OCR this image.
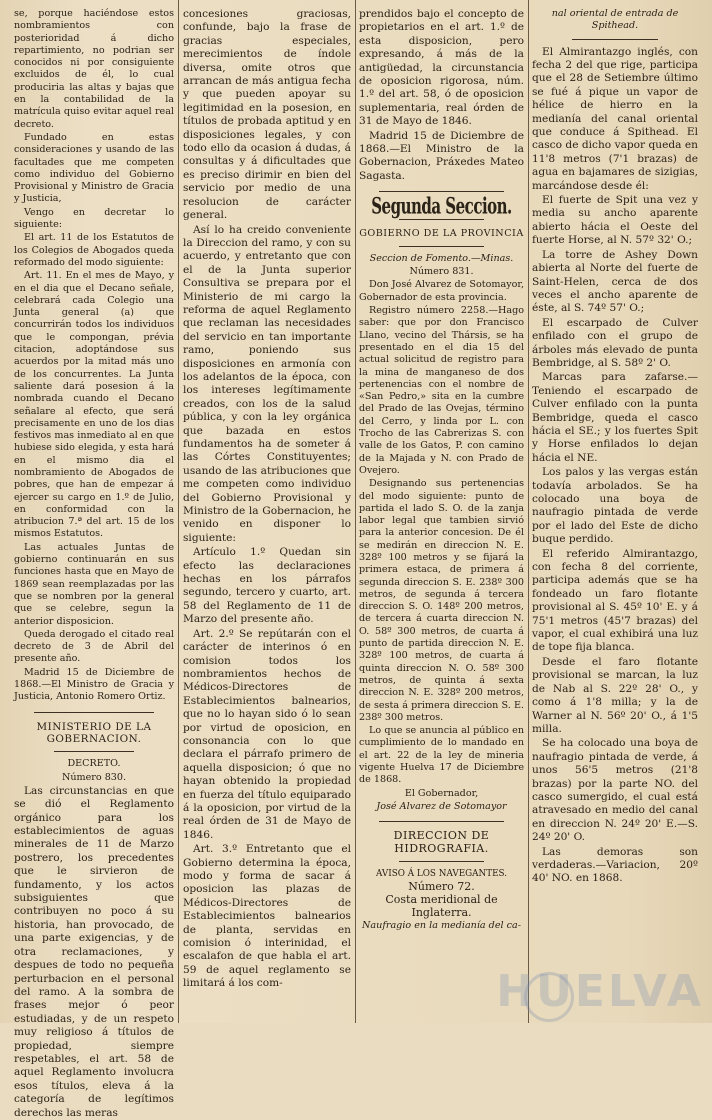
se, porque haciéndose estos nombramientos con posterioridad á dicho repartimiento, no podrian ser conocidos ni por consiguiente excluidos de él, lo cual produciria las altas y bajas que en la contabilidad de la matrícula quiso evitar aquel real decreto.

Fundado en estas consideraciones y usando de las facultades que me competen como individuo del Gobierno Provisional y Ministro de Gracia y Justicia,

Vengo en decretar lo siguiente:

El art. 11 de los Estatutos de los Colegios de Abogados queda reformado del modo siguiente:

Art. 11. En el mes de Mayo, y en el dia que el Decano señale, celebrará cada Colegio una Junta general (a) que concurrirán todos los individuos que le compongan, prévia citacion, adoptándose sus acuerdos por la mitad más uno de los concurrentes. La Junta saliente dará posesion á la nombrada cuando el Decano señalare al efecto, que será precisamente en uno de los dias festivos mas inmediato al en que hubiese sido elegida, y esta hará en el mismo dia el nombramiento de Abogados de pobres, que han de empezar á ejercer su cargo en 1.º de Julio, en conformidad con la atribucion 7.ª del art. 15 de los mismos Estatutos.

Las actuales Juntas de gobierno continuarán en sus funciones hasta que en Mayo de 1869 sean reemplazadas por las que se nombren por la general que se celebre, segun la anterior disposicion.

Queda derogado el citado real decreto de 3 de Abril del presente año.

Madrid 15 de Diciembre de 1868.—El Ministro de Gracia y Justicia, Antonio Romero Ortiz.

MINISTERIO DE LA GOBERNACION.

DECRETO.

Número 830.

Las circunstancias en que se dió el Reglamento orgánico para los establecimientos de aguas minerales de 11 de Marzo postrero, los precedentes que le sirvieron de fundamento, y los actos subsiguientes que contribuyen no poco á su historia, han provocado, de una parte exigencias, y de otra reclamaciones, y despues de todo no pequeña perturbacion en el personal del ramo. A la sombra de frases mejor ó peor estudiadas, y de un respeto muy religioso á títulos de propiedad, siempre respetables, el art. 58 de aquel Reglamento involucra esos títulos, eleva á la categoría de legítimos derechos las meras

concesiones graciosas, confunde, bajo la frase de gracias especiales, merecimientos de índole diversa, omite otros que arrancan de más antigua fecha y que pueden apoyar su legitimidad en la posesion, en títulos de probada aptitud y en disposiciones legales, y con todo ello da ocasion á dudas, á consultas y á dificultades que es preciso dirimir en bien del servicio por medio de una resolucion de carácter general.

Así lo ha creido conveniente la Direccion del ramo, y con su acuerdo, y entretanto que con el de la Junta superior Consultiva se prepara por el Ministerio de mi cargo la reforma de aquel Reglamento que reclaman las necesidades del servicio en tan importante ramo, poniendo sus disposiciones en armonía con los adelantos de la época, con los intereses legítimamente creados, con los de la salud pública, y con la ley orgánica que bazada en estos fundamentos ha de someter á las Córtes Constituyentes; usando de las atribuciones que me competen como individuo del Gobierno Provisional y Ministro de la Gobernacion, he venido en disponer lo siguiente:

Artículo 1.º Quedan sin efecto las declaraciones hechas en los párrafos segundo, tercero y cuarto, art. 58 del Reglamento de 11 de Marzo del presente año.

Art. 2.º Se repútarán con el carácter de interinos ó en comision todos los nombramientos hechos de Médicos-Directores de Establecimientos balnearios, que no lo hayan sido ó lo sean por virtud de oposicion, en consonancia con lo que declara el párrafo primero de aquella disposicion; ó que no hayan obtenido la propiedad en fuerza del título equiparado á la oposicion, por virtud de la real órden de 31 de Mayo de 1846.

Art. 3.º Entretanto que el Gobierno determina la época, modo y forma de sacar á oposicion las plazas de Médicos-Directores de Establecimientos balnearios de planta, servidas en comision ó interinidad, el escalafon de que habla el art. 59 de aquel reglamento se limitará á los com-

prendidos bajo el concepto de propietarios en el art. 1.º de esta disposicion, pero expresando, á más de la antigüedad, la circunstancia de oposicion rigorosa, núm. 1.º del art. 58, ó de oposicion suplementaria, real órden de 31 de Mayo de 1846.

Madrid 15 de Diciembre de 1868.—El Ministro de la Gobernacion, Práxedes Mateo Sagasta.

Segunda Seccion.

GOBIERNO DE LA PROVINCIA

Seccion de Fomento.—Minas.

Número 831.

Don José Alvarez de Sotomayor, Gobernador de esta provincia.

Registro número 2258.—Hago saber: que por don Francisco Llano, vecino del Thársis, se ha presentado en el dia 15 del actual solicitud de registro para la mina de manganeso de dos pertenencias con el nombre de «San Pedro,» sita en la cumbre del Prado de las Ovejas, término del Cerro, y linda por L. con Trocho de las Cabrerizas S. con valle de los Gatos, P. con camino de la Majada y N. con Prado de Ovejero.

Designando sus pertenencias del modo siguiente: punto de partida el lado S. O. de la zanja labor legal que tambien sirvió para la anterior concesion. De él se medirán en direccion N. E. 328º 100 metros y se fijará la primera estaca, de primera á segunda direccion S. E. 238º 300 metros, de segunda á tercera direccion S. O. 148º 200 metros, de tercera á cuarta direccion N. O. 58º 300 metros, de cuarta á punto de partida direccion N. E. 328º 100 metros, de cuarta á quinta direccion N. O. 58º 300 metros, de quinta á sexta direccion N. E. 328º 200 metros, de sesta á primera direccion S. E. 238º 300 metros.

Lo que se anuncia al público en cumplimiento de lo mandado en el art. 22 de la ley de mineria vigente Huelva 17 de Diciembre de 1868.

El Gobernador,

José Alvarez de Sotomayor

DIRECCION DE HIDROGRAFIA.

AVISO Á LOS NAVEGANTES.

Número 72.

Costa meridional de Inglaterra.

Naufragio en la medianía del ca-

nal oriental de entrada de Spithead.

El Almirantazgo inglés, con fecha 2 del que rige, participa que el 28 de Setiembre último se fué á pique un vapor de hélice de hierro en la medianía del canal oriental que conduce á Spithead. El casco de dicho vapor queda en 11'8 metros (7'1 brazas) de agua en bajamares de sizigias, marcándose desde él:

El fuerte de Spit una vez y media su ancho aparente abierto hácia el Oeste del fuerte Horse, al N. 57º 32' O.;

La torre de Ashey Down abierta al Norte del fuerte de Saint-Helen, cerca de dos veces el ancho aparente de éste, al S. 74º 57' O.;

El escarpado de Culver enfilado con el grupo de árboles más elevado de punta Bembridge, al S. 58º 2' O.

Marcas para zafarse.—Teniendo el escarpado de Culver enfilado con la punta Bembridge, queda el casco hácia el SE.; y los fuertes Spit y Horse enfilados lo dejan hácia el NE.

Los palos y las vergas están todavía arbolados. Se ha colocado una boya de naufragio pintada de verde por el lado del Este de dicho buque perdido.

El referido Almirantazgo, con fecha 8 del corriente, participa además que se ha fondeado un faro flotante provisional al S. 45º 10' E. y á 75'1 metros (45'7 brazas) del vapor, el cual exhibirá una luz de tope fija blanca.

Desde el faro flotante provisional se marcan, la luz de Nab al S. 22º 28' O., y como á 1'8 milla; y la de Warner al N. 56º 20' O., á 1'5 milla.

Se ha colocado una boya de naufragio pintada de verde, á unos 56'5 metros (21'8 brazas) por la parte NO. del casco sumergido, el cual está atravesado en medio del canal en direccion N. 24º 20' E.—S. 24º 20' O.

Las demoras son verdaderas.—Variacion, 20º 40' NO. en 1868.

HUELVA
